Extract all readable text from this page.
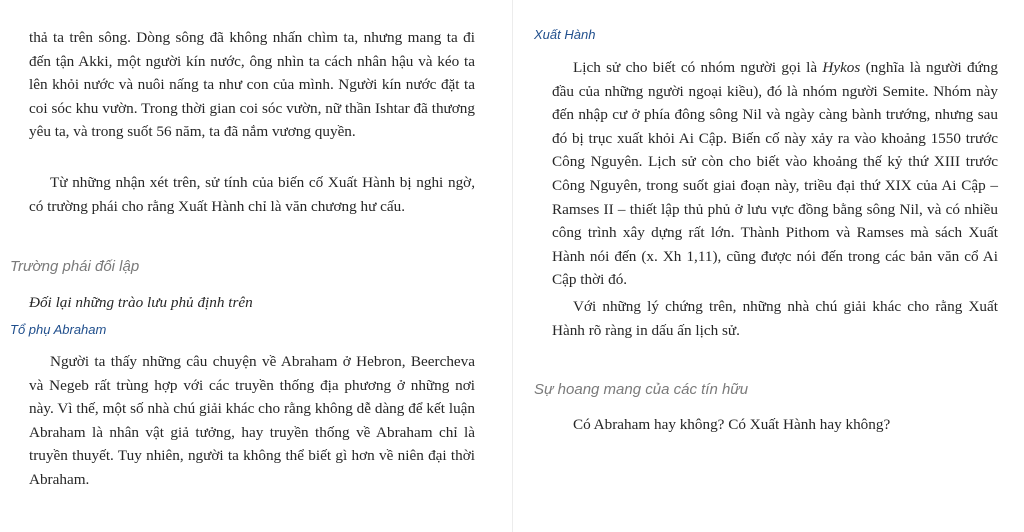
thả ta trên sông. Dòng sông đã không nhấn chìm ta, nhưng mang ta đi đến tận Akki, một người kín nước, ông nhìn ta cách nhân hậu và kéo ta lên khỏi nước và nuôi nấng ta như con của mình. Người kín nước đặt ta coi sóc khu vườn. Trong thời gian coi sóc vườn, nữ thần Ishtar đã thương yêu ta, và trong suốt 56 năm, ta đã nắm vương quyền.

Từ những nhận xét trên, sử tính của biến cố Xuất Hành bị nghi ngờ, có trường phái cho rằng Xuất Hành chỉ là văn chương hư cấu.

Trường phái đối lập

Đối lại những trào lưu phủ định trên

Tổ phụ Abraham

Người ta thấy những câu chuyện về Abraham ở Hebron, Beercheva và Negeb rất trùng hợp với các truyền thống địa phương ở những nơi này. Vì thế, một số nhà chú giải khác cho rằng không dễ dàng để kết luận Abraham là nhân vật giả tưởng, hay truyền thống về Abraham chỉ là truyền thuyết. Tuy nhiên, người ta không thể biết gì hơn về niên đại thời Abraham.

Xuất Hành

Lịch sử cho biết có nhóm người gọi là Hykos (nghĩa là người đứng đầu của những người ngoại kiều), đó là nhóm người Semite. Nhóm này đến nhập cư ở phía đông sông Nil và ngày càng bành trướng, nhưng sau đó bị trục xuất khỏi Ai Cập. Biến cố này xảy ra vào khoảng 1550 trước Công Nguyên. Lịch sử còn cho biết vào khoảng thế kỷ thứ XIII trước Công Nguyên, trong suốt giai đoạn này, triều đại thứ XIX của Ai Cập – Ramses II – thiết lập thủ phủ ở lưu vực đồng bằng sông Nil, và có nhiều công trình xây dựng rất lớn. Thành Pithom và Ramses mà sách Xuất Hành nói đến (x. Xh 1,11), cũng được nói đến trong các bản văn cổ Ai Cập thời đó.

Với những lý chứng trên, những nhà chú giải khác cho rằng Xuất Hành rõ ràng in dấu ấn lịch sử.

Sự hoang mang của các tín hữu

Có Abraham hay không? Có Xuất Hành hay không?
